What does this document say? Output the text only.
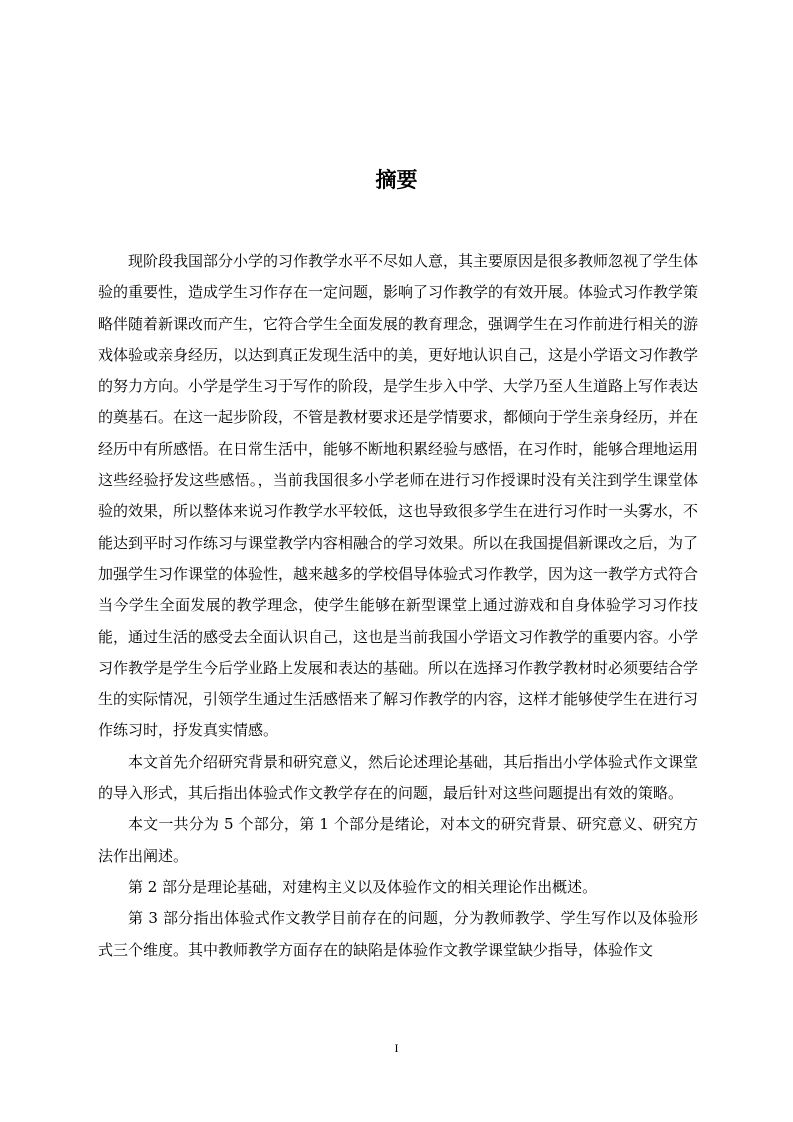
摘要

现阶段我国部分小学的习作教学水平不尽如人意，其主要原因是很多教师忽视了学生体验的重要性，造成学生习作存在一定问题，影响了习作教学的有效开展。体验式习作教学策略伴随着新课改而产生，它符合学生全面发展的教育理念，强调学生在习作前进行相关的游戏体验或亲身经历，以达到真正发现生活中的美，更好地认识自己，这是小学语文习作教学的努力方向。小学是学生习于写作的阶段，是学生步入中学、大学乃至人生道路上写作表达的奠基石。在这一起步阶段，不管是教材要求还是学情要求，都倾向于学生亲身经历，并在经历中有所感悟。在日常生活中，能够不断地积累经验与感悟，在习作时，能够合理地运用这些经验抒发这些感悟。，当前我国很多小学老师在进行习作授课时没有关注到学生课堂体验的效果，所以整体来说习作教学水平较低，这也导致很多学生在进行习作时一头雾水，不能达到平时习作练习与课堂教学内容相融合的学习效果。所以在我国提倡新课改之后，为了加强学生习作课堂的体验性，越来越多的学校倡导体验式习作教学，因为这一教学方式符合当今学生全面发展的教学理念，使学生能够在新型课堂上通过游戏和自身体验学习习作技能，通过生活的感受去全面认识自己，这也是当前我国小学语文习作教学的重要内容。小学习作教学是学生今后学业路上发展和表达的基础。所以在选择习作教学教材时必须要结合学生的实际情况，引领学生通过生活感悟来了解习作教学的内容，这样才能够使学生在进行习作练习时，抒发真实情感。

本文首先介绍研究背景和研究意义，然后论述理论基础，其后指出小学体验式作文课堂的导入形式，其后指出体验式作文教学存在的问题，最后针对这些问题提出有效的策略。

本文一共分为 5 个部分，第 1 个部分是绪论，对本文的研究背景、研究意义、研究方法作出阐述。

第 2 部分是理论基础，对建构主义以及体验作文的相关理论作出概述。

第 3 部分指出体验式作文教学目前存在的问题，分为教师教学、学生写作以及体验形式三个维度。其中教师教学方面存在的缺陷是体验作文教学课堂缺少指导，体验作文

I
